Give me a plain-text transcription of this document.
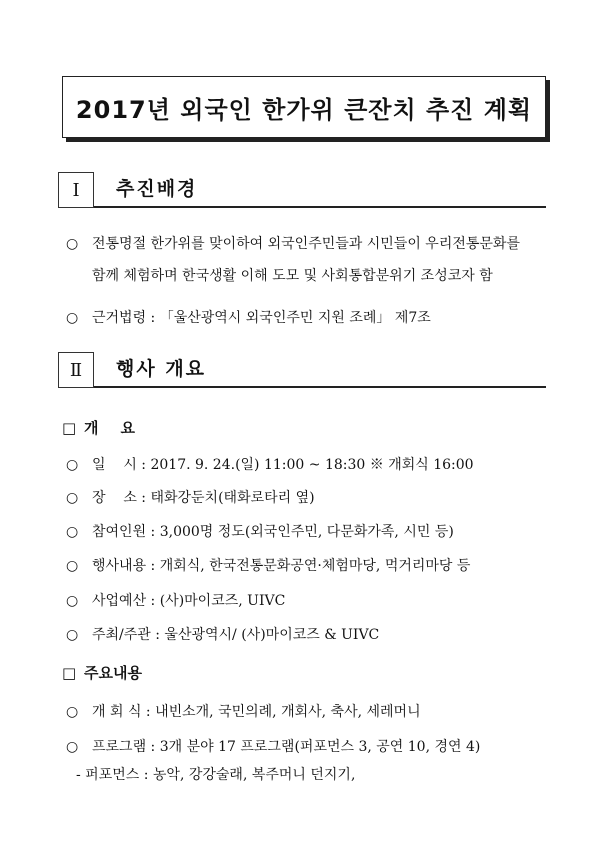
2017년 외국인 한가위 큰잔치 추진 계획
Ⅰ	추진배경
○ 전통명절 한가위를 맞이하여 외국인주민들과 시민들이 우리전통문화를
함께 체험하며 한국생활 이해 도모 및 사회통합분위기 조성코자 함
○ 근거법령 : 「울산광역시 외국인주민 지원 조례」 제7조
Ⅱ	행사 개요
□ 개요
○ 일    시 : 2017. 9. 24.(일) 11:00 ~ 18:30 ※ 개회식 16:00
○ 장    소 : 태화강둔치(태화로타리 옆)
○ 참여인원 : 3,000명 정도(외국인주민, 다문화가족, 시민 등)
○ 행사내용 : 개회식, 한국전통문화공연·체험마당, 먹거리마당 등
○ 사업예산 : (사)마이코즈, UIVC
○ 주최/주관 : 울산광역시/ (사)마이코즈 & UIVC
□ 주요내용
○ 개 회 식 : 내빈소개, 국민의례, 개회사, 축사, 세레머니
○ 프로그램 : 3개 분야 17 프로그램(퍼포먼스 3, 공연 10, 경연 4)
- 퍼포먼스 : 농악, 강강술래, 복주머니 던지기,
